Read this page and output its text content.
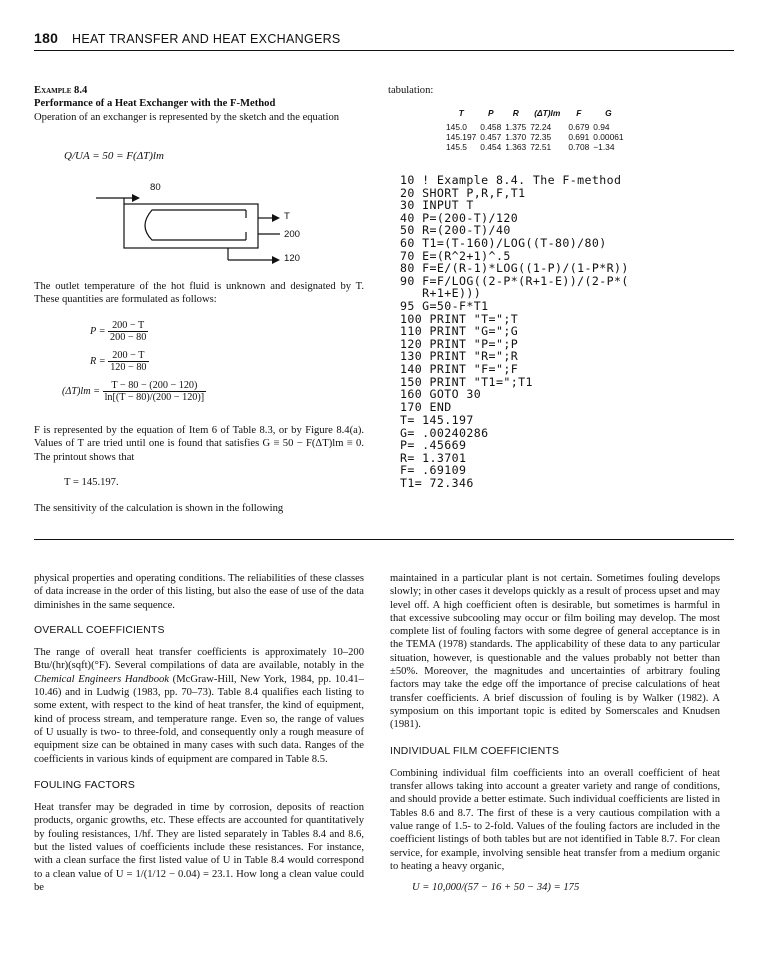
180 HEAT TRANSFER AND HEAT EXCHANGERS
Example 8.4
Performance of a Heat Exchanger with the F-Method

Operation of an exchanger is represented by the sketch and the equation

Q/UA = 50 = F(ΔT)lm
80
T
200
120

The outlet temperature of the hot fluid is unknown and designated by T. These quantities are formulated as follows:

$P = \frac{200 - T}{200 - 80}$
$R = \frac{200 - T}{120 - 80}$
$(\Delta T)lm = \frac{T - 80 - (200 - 120)}{\ln[(T - 80)/(200 - 120)]}$

F is represented by the equation of Item 6 of Table 8.3, or by Figure 8.4(a). Values of T are tried until one is found that satisfies G ≡ 50 − F(ΔT)lm ≡ 0. The printout shows that

T = 145.197.

The sensitivity of the calculation is shown in the following

tabulation:
T	P	R	(ΔT)lm	F	G
145.0	0.458	1.375	72.24	0.679	0.94
145.197	0.457	1.370	72.35	0.691	0.00061
145.5	0.454	1.363	72.51	0.708	−1.34
10 ! Example 8.4. The F-method
20 SHORT P,R,F,T1
30 INPUT T
40 P=(200-T)/120
50 R=(200-T)/40
60 T1=(T-160)/LOG((T-80)/80)
70 E=(R^2+1)^.5
80 F=E/(R-1)*LOG((1-P)/(1-P*R))
90 F=F/LOG((2-P*(R+1-E))/(2-P*(
R+1+E)))
95 G=50-F*T1
100 PRINT "T=";T
110 PRINT "G=";G
120 PRINT "P=";P
130 PRINT "R=";R
140 PRINT "F=";F
150 PRINT "T1=";T1
160 GOTO 30
170 END
T= 145.197
G= .00240286
P= .45669
R= 1.3701
F= .69109
T1= 72.346

physical properties and operating conditions. The reliabilities of these classes of data increase in the order of this listing, but also the ease of use of the data diminishes in the same sequence.

OVERALL COEFFICIENTS

The range of overall heat transfer coefficients is approximately 10–200 Btu/(hr)(sqft)(°F). Several compilations of data are available, notably in the Chemical Engineers Handbook (McGraw-Hill, New York, 1984, pp. 10.41–10.46) and in Ludwig (1983, pp. 70–73). Table 8.4 qualifies each listing to some extent, with respect to the kind of heat transfer, the kind of equipment, kind of process stream, and temperature range. Even so, the range of values of U usually is two- to three-fold, and consequently only a rough measure of equipment size can be obtained in many cases with such data. Ranges of the coefficients in various kinds of equipment are compared in Table 8.5.

FOULING FACTORS

Heat transfer may be degraded in time by corrosion, deposits of reaction products, organic growths, etc. These effects are accounted for quantitatively by fouling resistances, 1/hf. They are listed separately in Tables 8.4 and 8.6, but the listed values of coefficients include these resistances. For instance, with a clean surface the first listed value of U in Table 8.4 would correspond to a clean value of U = 1/(1/12 − 0.04) = 23.1. How long a clean value could be

maintained in a particular plant is not certain. Sometimes fouling develops slowly; in other cases it develops quickly as a result of process upset and may level off. A high coefficient often is desirable, but sometimes is harmful in that excessive subcooling may occur or film boiling may develop. The most complete list of fouling factors with some degree of general acceptance is in the TEMA (1978) standards. The applicability of these data to any particular situation, however, is questionable and the values probably not better than ±50%. Moreover, the magnitudes and uncertainties of arbitrary fouling factors may take the edge off the importance of precise calculations of heat transfer coefficients. A brief discussion of fouling is by Walker (1982). A symposium on this important topic is edited by Somerscales and Knudsen (1981).

INDIVIDUAL FILM COEFFICIENTS

Combining individual film coefficients into an overall coefficient of heat transfer allows taking into account a greater variety and range of conditions, and should provide a better estimate. Such individual coefficients are listed in Tables 8.6 and 8.7. The first of these is a very cautious compilation with a value range of 1.5- to 2-fold. Values of the fouling factors are included in the coefficient listings of both tables but are not identified in Table 8.7. For clean service, for example, involving sensible heat transfer from a medium organic to heating a heavy organic,

U = 10,000/(57 − 16 + 50 − 34) = 175
